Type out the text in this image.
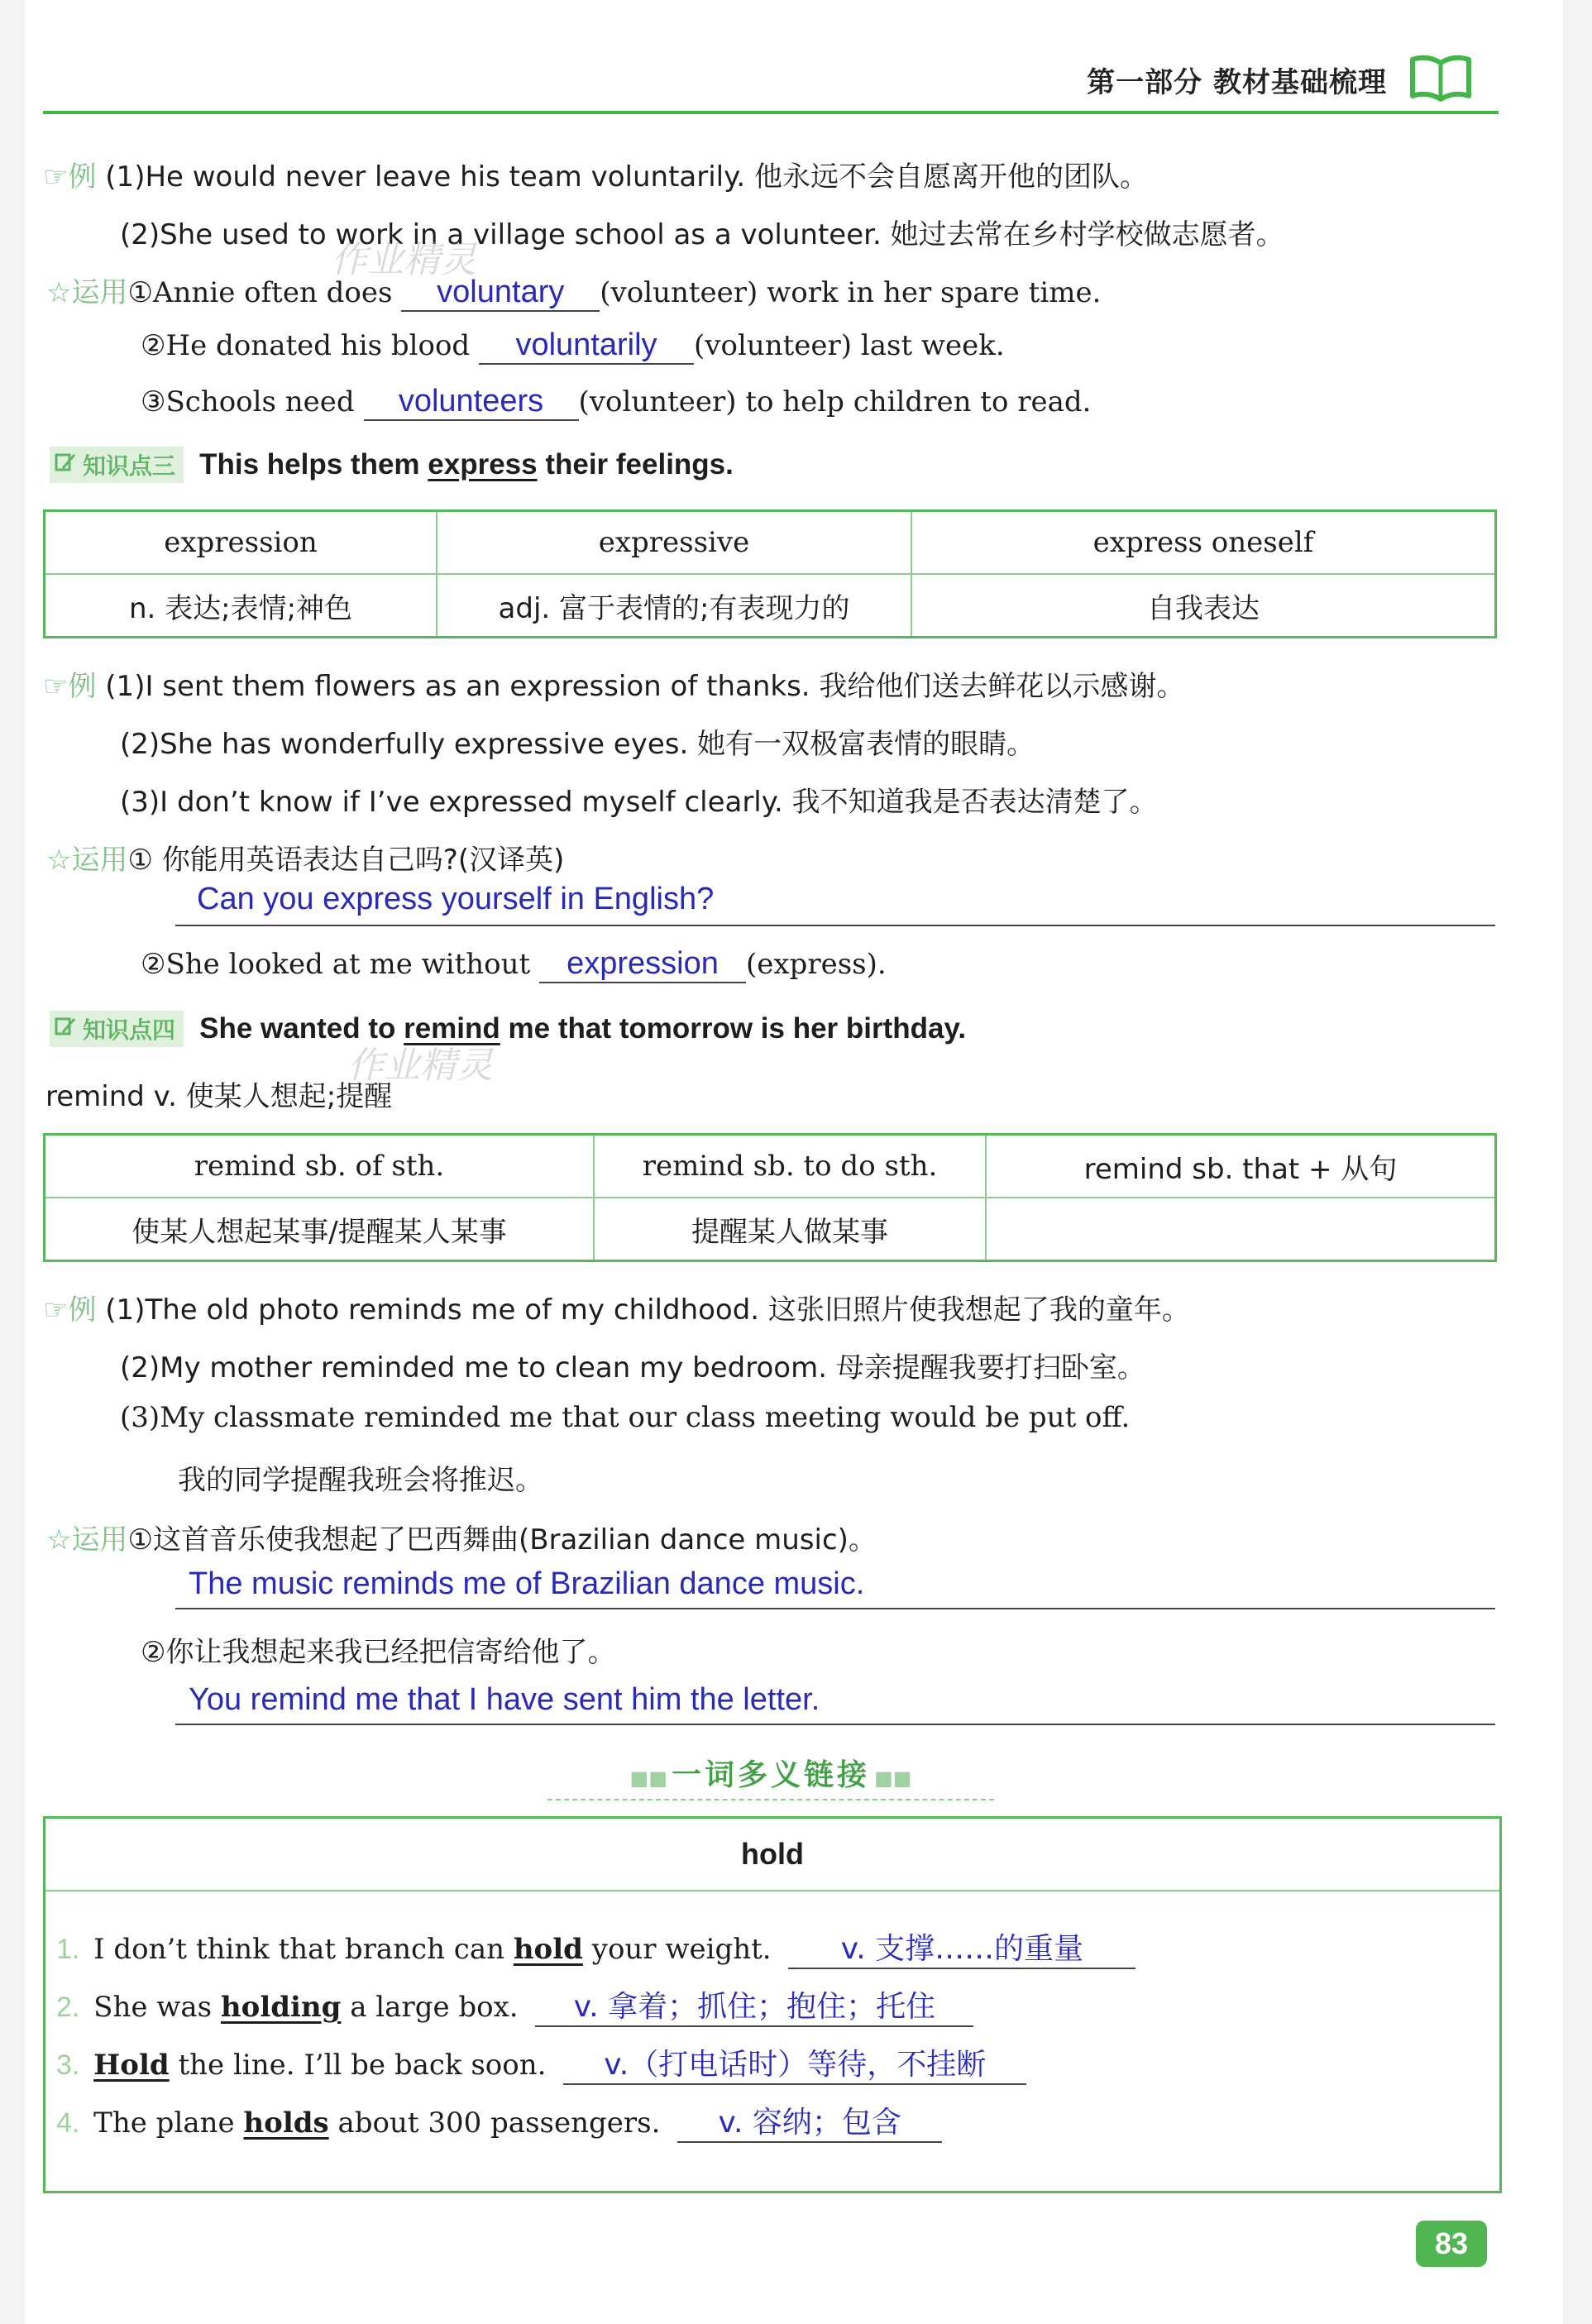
第一部分 教材基础梳理
☞例 (1)He would never leave his team voluntarily. 他永远不会自愿离开他的团队。
(2)She used to work in a village school as a volunteer. 她过去常在乡村学校做志愿者。
作业精灵
☆运用①Annie often does voluntary (volunteer) work in her spare time.
②He donated his blood voluntarily (volunteer) last week.
③Schools need volunteers (volunteer) to help children to read.
知识点三 This helps them express their feelings.
expression	expressive	express oneself
n. 表达;表情;神色	adj. 富于表情的;有表现力的	自我表达
☞例 (1)I sent them flowers as an expression of thanks. 我给他们送去鲜花以示感谢。
(2)She has wonderfully expressive eyes. 她有一双极富表情的眼睛。
(3)I don’t know if I’ve expressed myself clearly. 我不知道我是否表达清楚了。
☆运用① 你能用英语表达自己吗?(汉译英)
Can you express yourself in English?
②She looked at me without expression (express).
知识点四 She wanted to remind me that tomorrow is her birthday.
作业精灵
remind v. 使某人想起;提醒
remind sb. of sth.	remind sb. to do sth.	remind sb. that + 从句
使某人想起某事/提醒某人某事	提醒某人做某事	
☞例 (1)The old photo reminds me of my childhood. 这张旧照片使我想起了我的童年。
(2)My mother reminded me to clean my bedroom. 母亲提醒我要打扫卧室。
(3)My classmate reminded me that our class meeting would be put off.
我的同学提醒我班会将推迟。
☆运用①这首音乐使我想起了巴西舞曲(Brazilian dance music)。
The music reminds me of Brazilian dance music.
②你让我想起来我已经把信寄给他了。
You remind me that I have sent him the letter.
■■ 一词多义链接 ■■
hold
1. I don’t think that branch can hold your weight. v. 支撑……的重量
2. She was holding a large box. v. 拿着；抓住；抱住；托住
3. Hold the line. I’ll be back soon. v.（打电话时）等待，不挂断
4. The plane holds about 300 passengers. v. 容纳；包含
83
